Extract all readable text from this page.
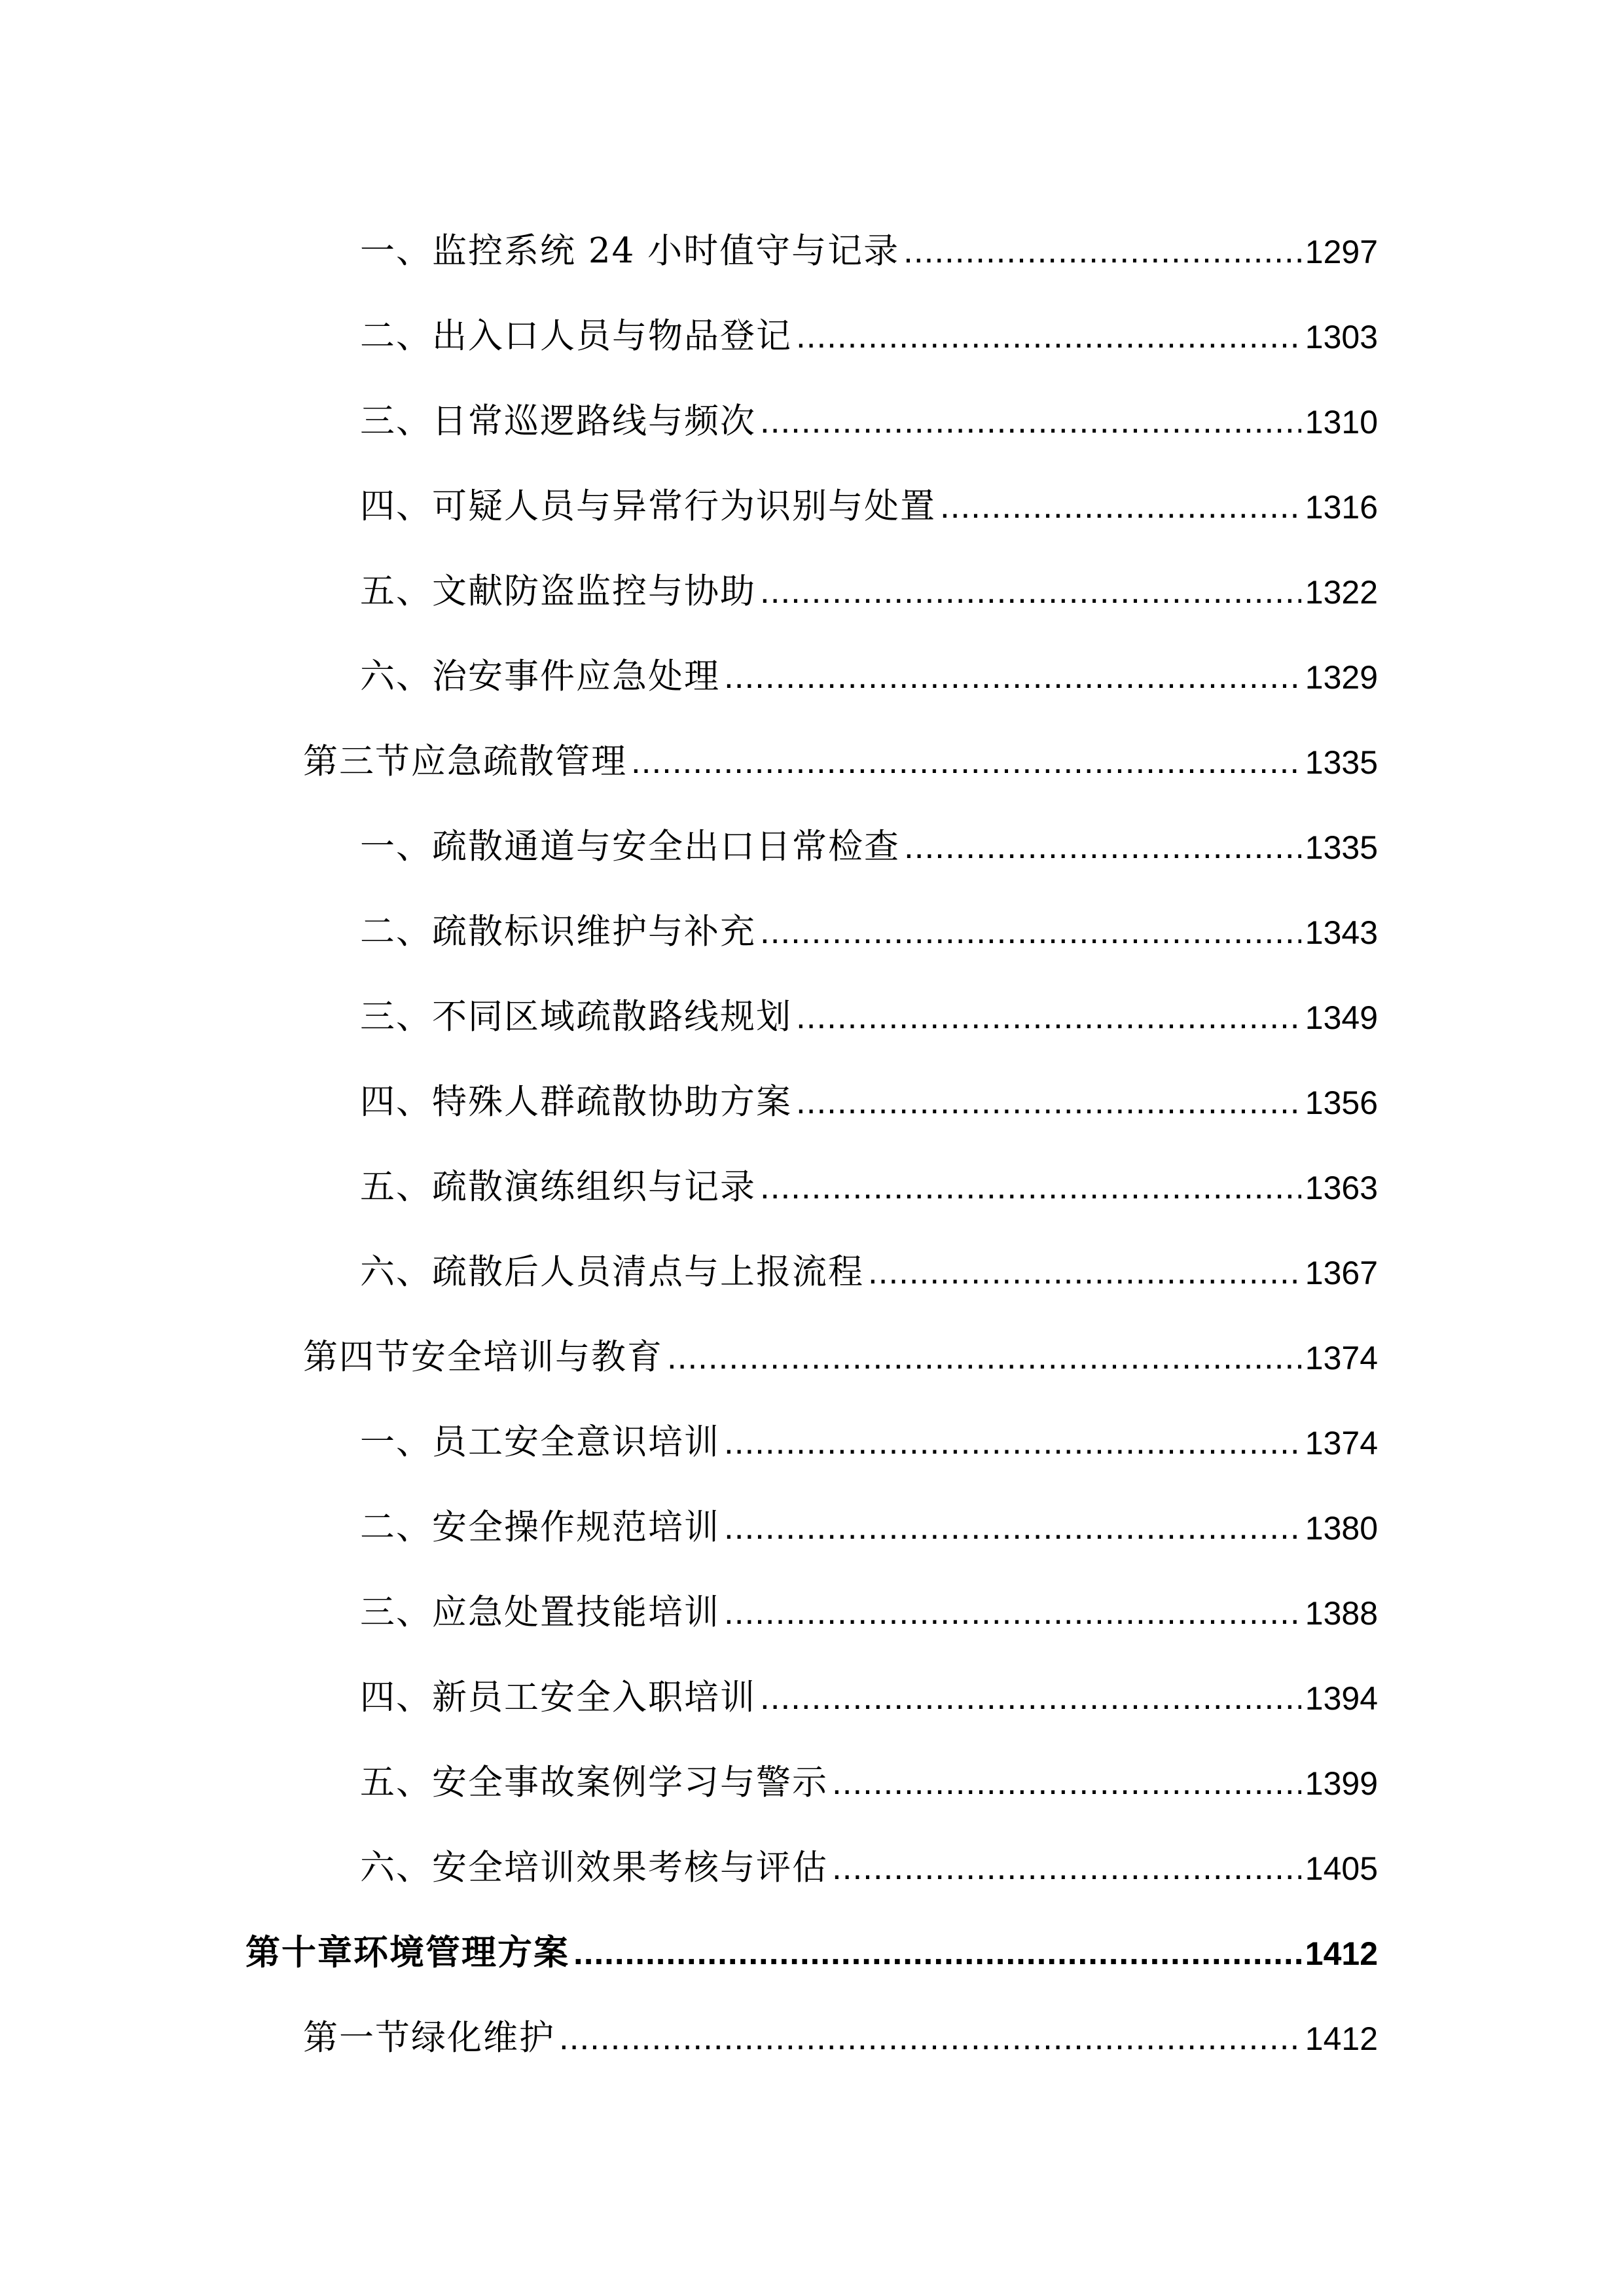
一、监控系统 24 小时值守与记录 .....	1297
二、出入口人员与物品登记 .....	1303
三、日常巡逻路线与频次 .....	1310
四、可疑人员与异常行为识别与处置 .....	1316
五、文献防盗监控与协助 .....	1322
六、治安事件应急处理 .....	1329
第三节应急疏散管理 .....	1335
一、疏散通道与安全出口日常检查 .....	1335
二、疏散标识维护与补充 .....	1343
三、不同区域疏散路线规划 .....	1349
四、特殊人群疏散协助方案 .....	1356
五、疏散演练组织与记录 .....	1363
六、疏散后人员清点与上报流程 .....	1367
第四节安全培训与教育 .....	1374
一、员工安全意识培训 .....	1374
二、安全操作规范培训 .....	1380
三、应急处置技能培训 .....	1388
四、新员工安全入职培训 .....	1394
五、安全事故案例学习与警示 .....	1399
六、安全培训效果考核与评估 .....	1405
第十章环境管理方案 .....	1412
第一节绿化维护 .....	1412
